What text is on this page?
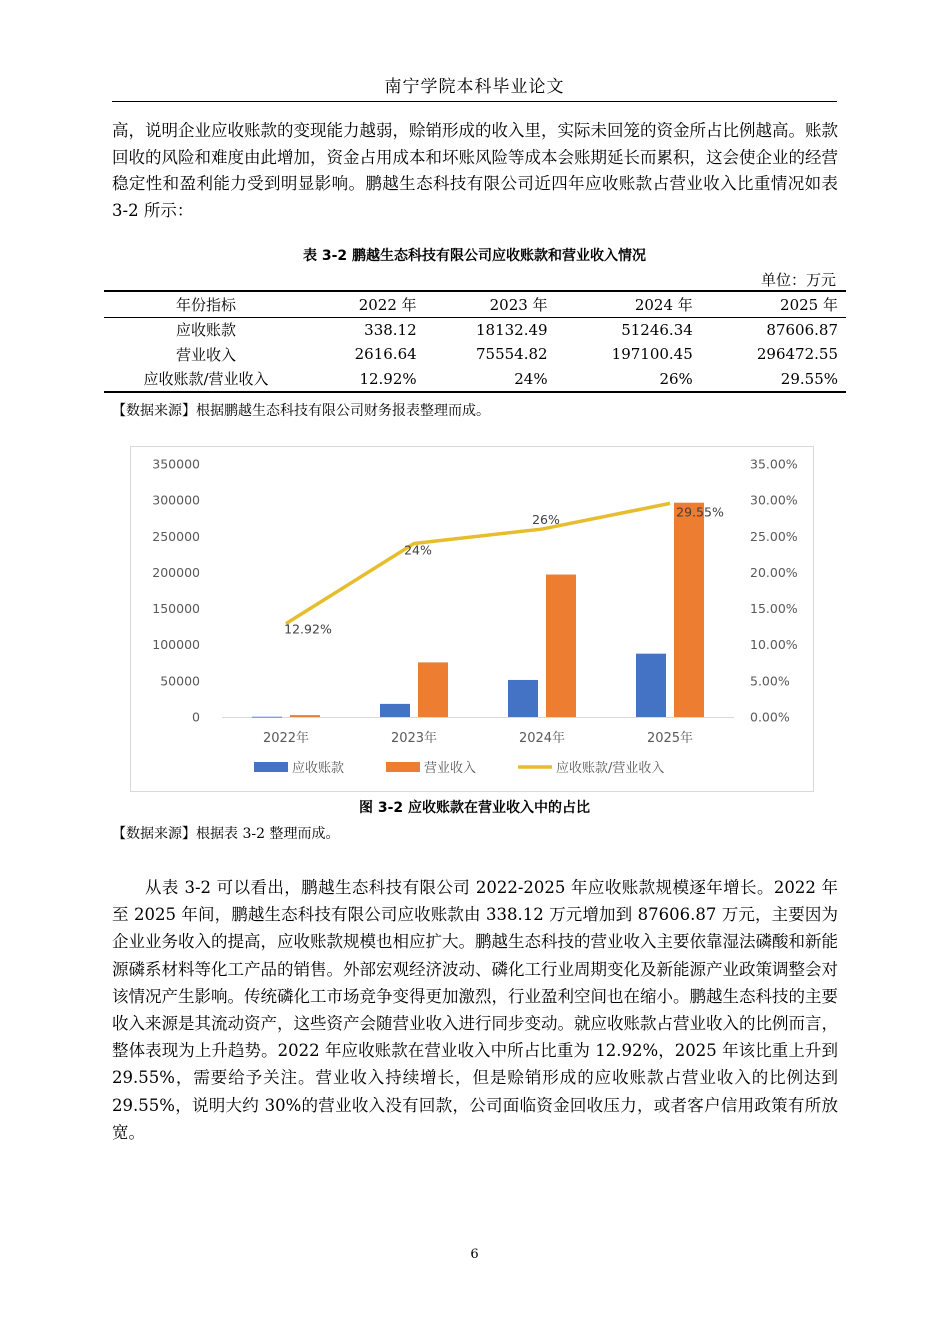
南宁学院本科毕业论文

高，说明企业应收账款的变现能力越弱，赊销形成的收入里，实际未回笼的资金所占比例越高。账款回收的风险和难度由此增加，资金占用成本和坏账风险等成本会账期延长而累积，这会使企业的经营稳定性和盈利能力受到明显影响。鹏越生态科技有限公司近四年应收账款占营业收入比重情况如表 3-2 所示：

表 3-2 鹏越生态科技有限公司应收账款和营业收入情况
单位：万元
年份指标	2022 年	2023 年	2024 年	2025 年
应收账款	338.12	18132.49	51246.34	87606.87
营业收入	2616.64	75554.82	197100.45	296472.55
应收账款/营业收入	12.92%	24%	26%	29.55%
【数据来源】根据鹏越生态科技有限公司财务报表整理而成。
0
50000
100000
150000
200000
250000
300000
350000
0.00%
5.00%
10.00%
15.00%
20.00%
25.00%
30.00%
35.00%
2022年	2023年	2024年	2025年
12.92%
24%
26%
29.55%
应收账款	营业收入	应收账款/营业收入
图 3-2 应收账款在营业收入中的占比
【数据来源】根据表 3-2 整理而成。

从表 3-2 可以看出，鹏越生态科技有限公司 2022-2025 年应收账款规模逐年增长。2022 年至 2025 年间，鹏越生态科技有限公司应收账款由 338.12 万元增加到 87606.87 万元，主要因为企业业务收入的提高，应收账款规模也相应扩大。鹏越生态科技的营业收入主要依靠湿法磷酸和新能源磷系材料等化工产品的销售。外部宏观经济波动、磷化工行业周期变化及新能源产业政策调整会对该情况产生影响。传统磷化工市场竞争变得更加激烈，行业盈利空间也在缩小。鹏越生态科技的主要收入来源是其流动资产，这些资产会随营业收入进行同步变动。就应收账款占营业收入的比例而言，整体表现为上升趋势。2022 年应收账款在营业收入中所占比重为 12.92%，2025 年该比重上升到 29.55%，需要给予关注。营业收入持续增长，但是赊销形成的应收账款占营业收入的比例达到 29.55%，说明大约 30%的营业收入没有回款，公司面临资金回收压力，或者客户信用政策有所放宽。

6
